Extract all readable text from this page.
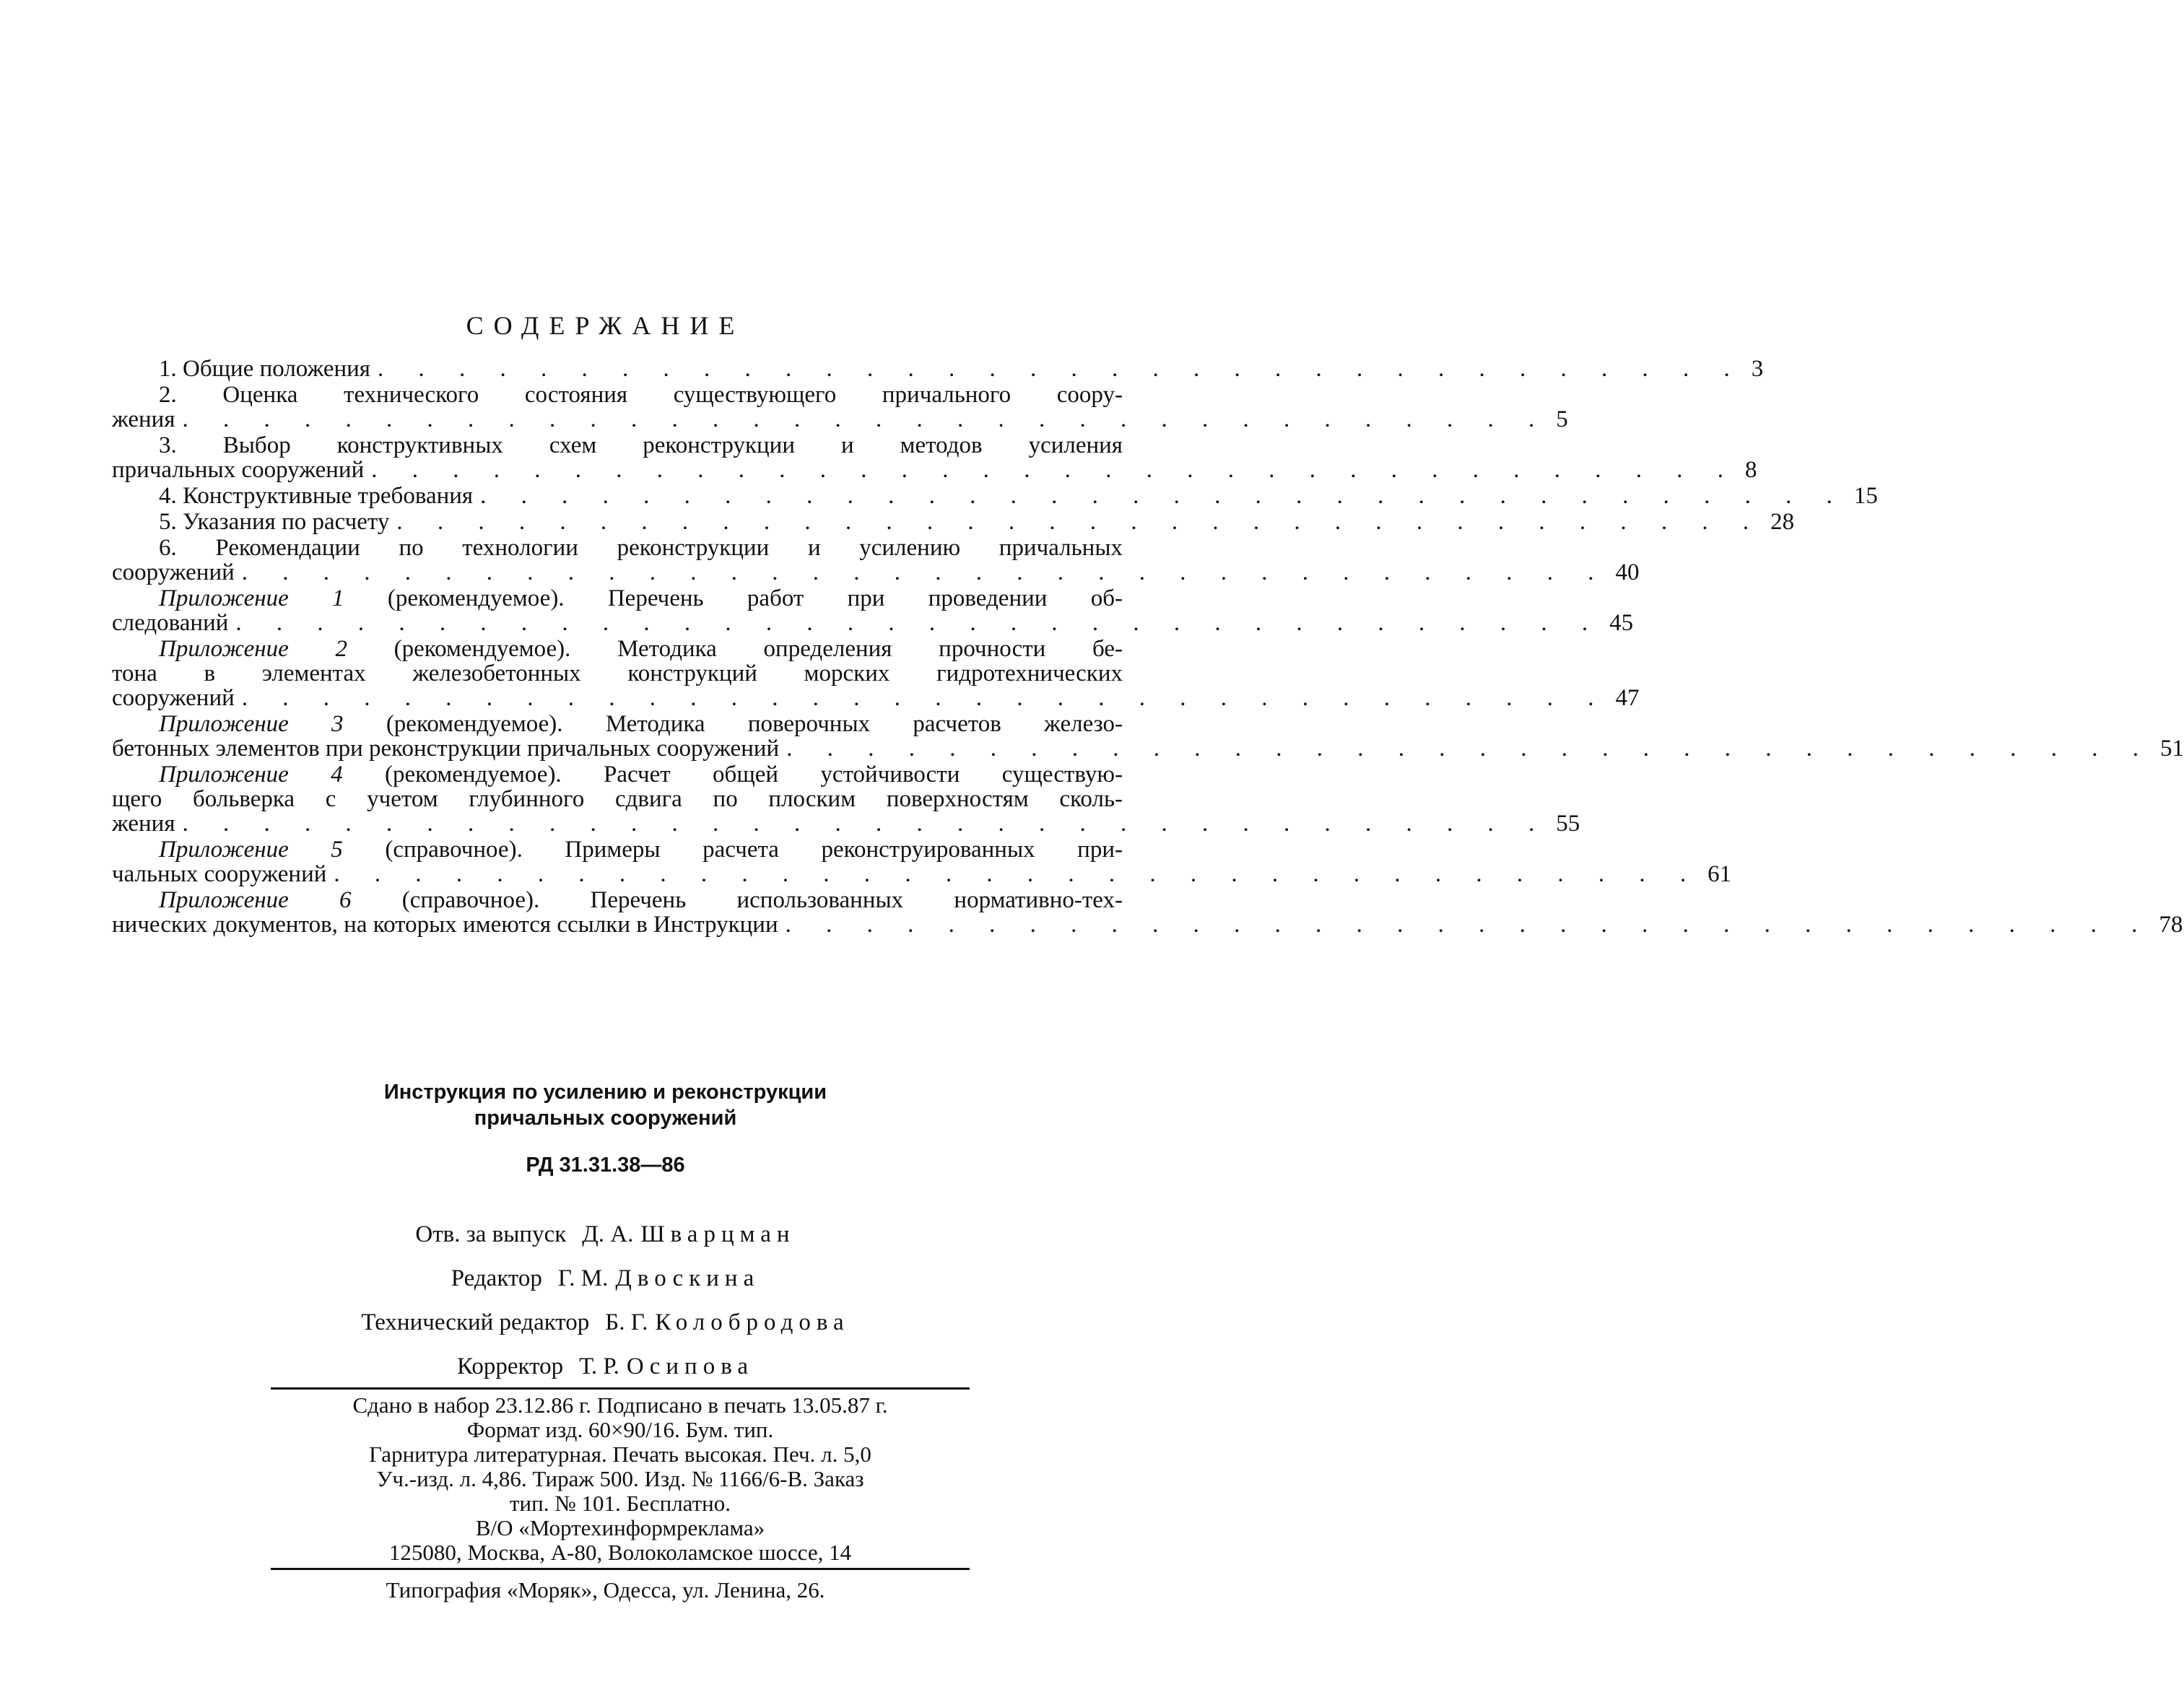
СОДЕРЖАНИЕ
1. Общие положения . . . . . . . . . . . . . . . . . . . . . . . . . . . . . . . . . . 3
2. Оценка технического состояния существующего причального соору-
жения . . . . . . . . . . . . . . . . . . . . . . . . . . . . . . . . . . 5
3. Выбор конструктивных схем реконструкции и методов усиления
причальных сооружений . . . . . . . . . . . . . . . . . . . . . . . . . . . . . . . . . . 8
4. Конструктивные требования . . . . . . . . . . . . . . . . . . . . . . . . . . . . . . . . . . 15
5. Указания по расчету . . . . . . . . . . . . . . . . . . . . . . . . . . . . . . . . . . 28
6. Рекомендации по технологии реконструкции и усилению причальных
сооружений . . . . . . . . . . . . . . . . . . . . . . . . . . . . . . . . . . 40
Приложение 1 (рекомендуемое). Перечень работ при проведении об-
следований . . . . . . . . . . . . . . . . . . . . . . . . . . . . . . . . . . 45
Приложение 2 (рекомендуемое). Методика определения прочности бе-
тона в элементах железобетонных конструкций морских гидротехнических
сооружений . . . . . . . . . . . . . . . . . . . . . . . . . . . . . . . . . . 47
Приложение 3 (рекомендуемое). Методика поверочных расчетов железо-
бетонных элементов при реконструкции причальных сооружений . . . . . . . . . . . . . . . . . . . . . . . . . . . . . . . . . . 51
Приложение 4 (рекомендуемое). Расчет общей устойчивости существую-
щего больверка с учетом глубинного сдвига по плоским поверхностям сколь-
жения . . . . . . . . . . . . . . . . . . . . . . . . . . . . . . . . . . 55
Приложение 5 (справочное). Примеры расчета реконструированных при-
чальных сооружений . . . . . . . . . . . . . . . . . . . . . . . . . . . . . . . . . . 61
Приложение 6 (справочное). Перечень использованных нормативно-тех-
нических документов, на которых имеются ссылки в Инструкции . . . . . . . . . . . . . . . . . . . . . . . . . . . . . . . . . . 78
Инструкция по усилению и реконструкции
причальных сооружений
РД 31.31.38—86
Отв. за выпуск Д. А. Шварцман
Редактор Г. М. Двоскина
Технический редактор Б. Г. Колобродова
Корректор Т. Р. Осипова
Сдано в набор 23.12.86 г. Подписано в печать 13.05.87 г.
Формат изд. 60×90/16. Бум. тип.
Гарнитура литературная. Печать высокая. Печ. л. 5,0
Уч.-изд. л. 4,86. Тираж 500. Изд. № 1166/6-В. Заказ
тип. № 101. Бесплатно.
В/О «Мортехинформреклама»
125080, Москва, А-80, Волоколамское шоссе, 14
Типография «Моряк», Одесса, ул. Ленина, 26.
